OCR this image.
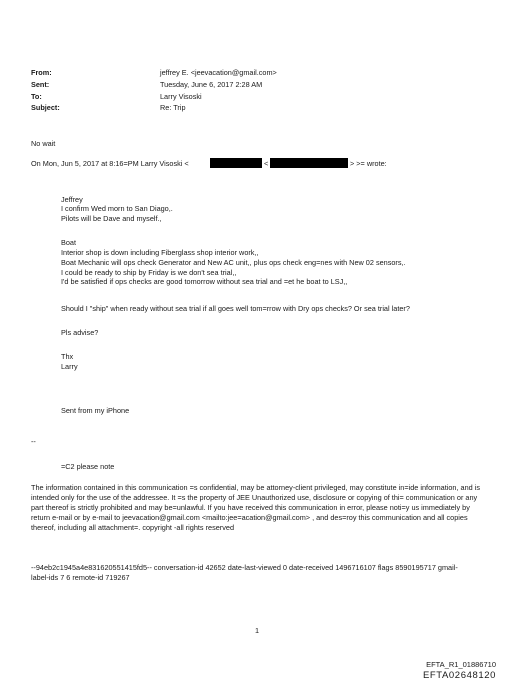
From:	jeffrey E. <jeevacation@gmail.com>
Sent:	Tuesday, June 6, 2017 2:28 AM
To:	Larry Visoski
Subject:	Re: Trip
No wait
On Mon, Jun 5, 2017 at 8:16=PM Larry Visoski <	<	> >= wrote:
Jeffrey
I confirm Wed morn to San Diago,.
Pilots will be Dave and myself.,
Boat
Interior shop is down including Fiberglass shop interior work,,
Boat Mechanic will ops check Generator and New AC unit,, plus ops check eng=nes with New 02 sensors,.
I could be ready to ship by Friday is we don't sea trial,,
I'd be satisfied if ops checks are good tomorrow without sea trial and =et he boat to LSJ,,
Should I "ship" when ready without sea trial if all goes well tom=rrow with Dry ops checks? Or sea trial later?
Pls advise?
Thx
Larry
Sent from my iPhone
--
=C2 please note
The information contained in this communication =s confidential, may be attorney-client privileged, may constitute in=ide information, and is intended only for the use of the addressee. It =s the property of JEE Unauthorized use, disclosure or copying of thi= communication or any part thereof is strictly prohibited and may be=unlawful. If you have received this communication in error, please noti=y us immediately by return e-mail or by e-mail to jeevacation@gmail.com <mailto:jee=acation@gmail.com> , and des=roy this communication and all copies thereof, including all attachment=. copyright -all rights reserved
--94eb2c1945a4e831620551415fd5-- conversation-id 42652 date-last-viewed 0 date-received 1496716107 flags 8590195717 gmail-label-ids 7 6 remote-id 719267
1
EFTA_R1_01886710
EFTA02648120
